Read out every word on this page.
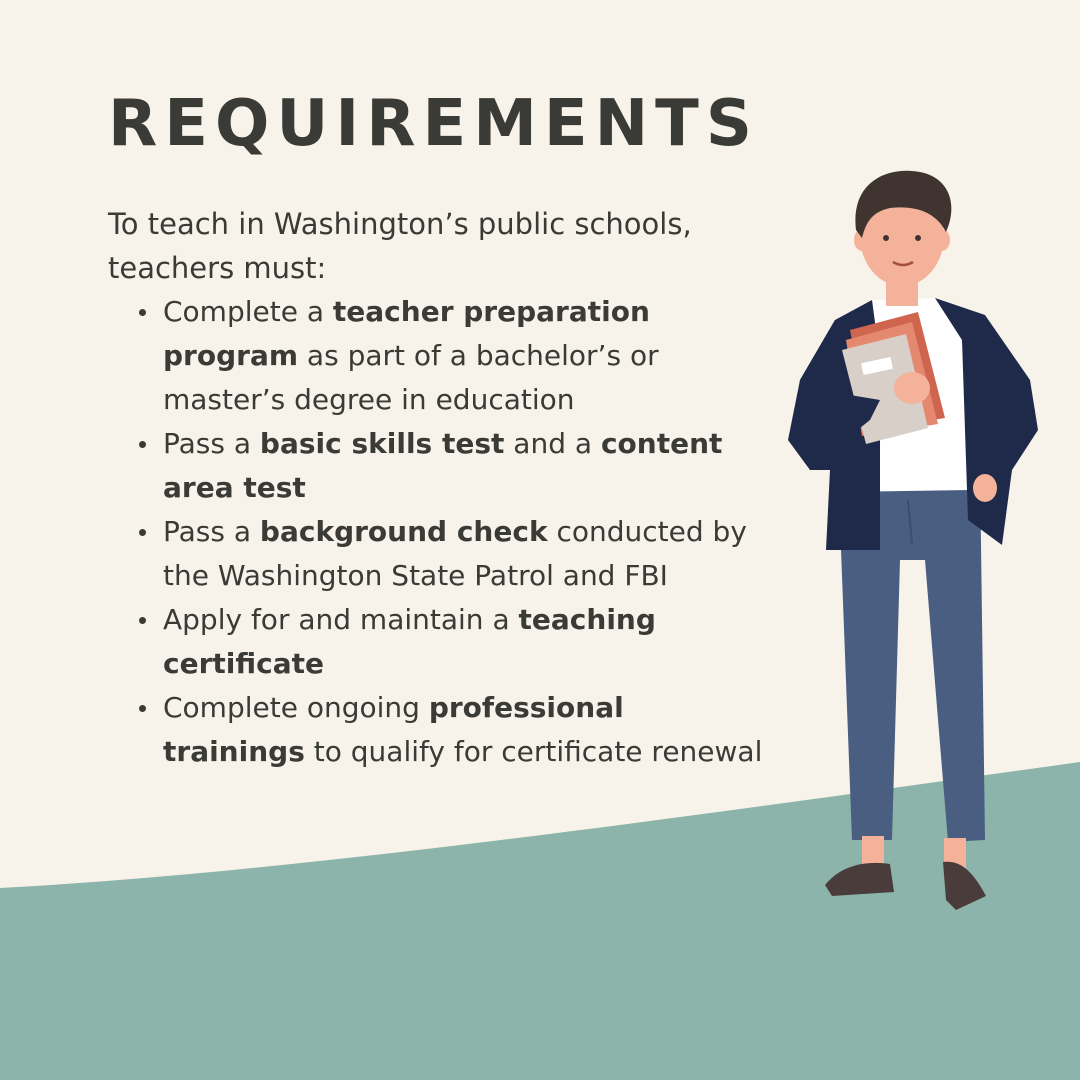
REQUIREMENTS

To teach in Washington’s public schools, teachers must:

Complete a teacher preparation program as part of a bachelor’s or master’s degree in education
Pass a basic skills test and a content area test
Pass a background check conducted by the Washington State Patrol and FBI
Apply for and maintain a teaching certificate
Complete ongoing professional trainings to qualify for certificate renewal
